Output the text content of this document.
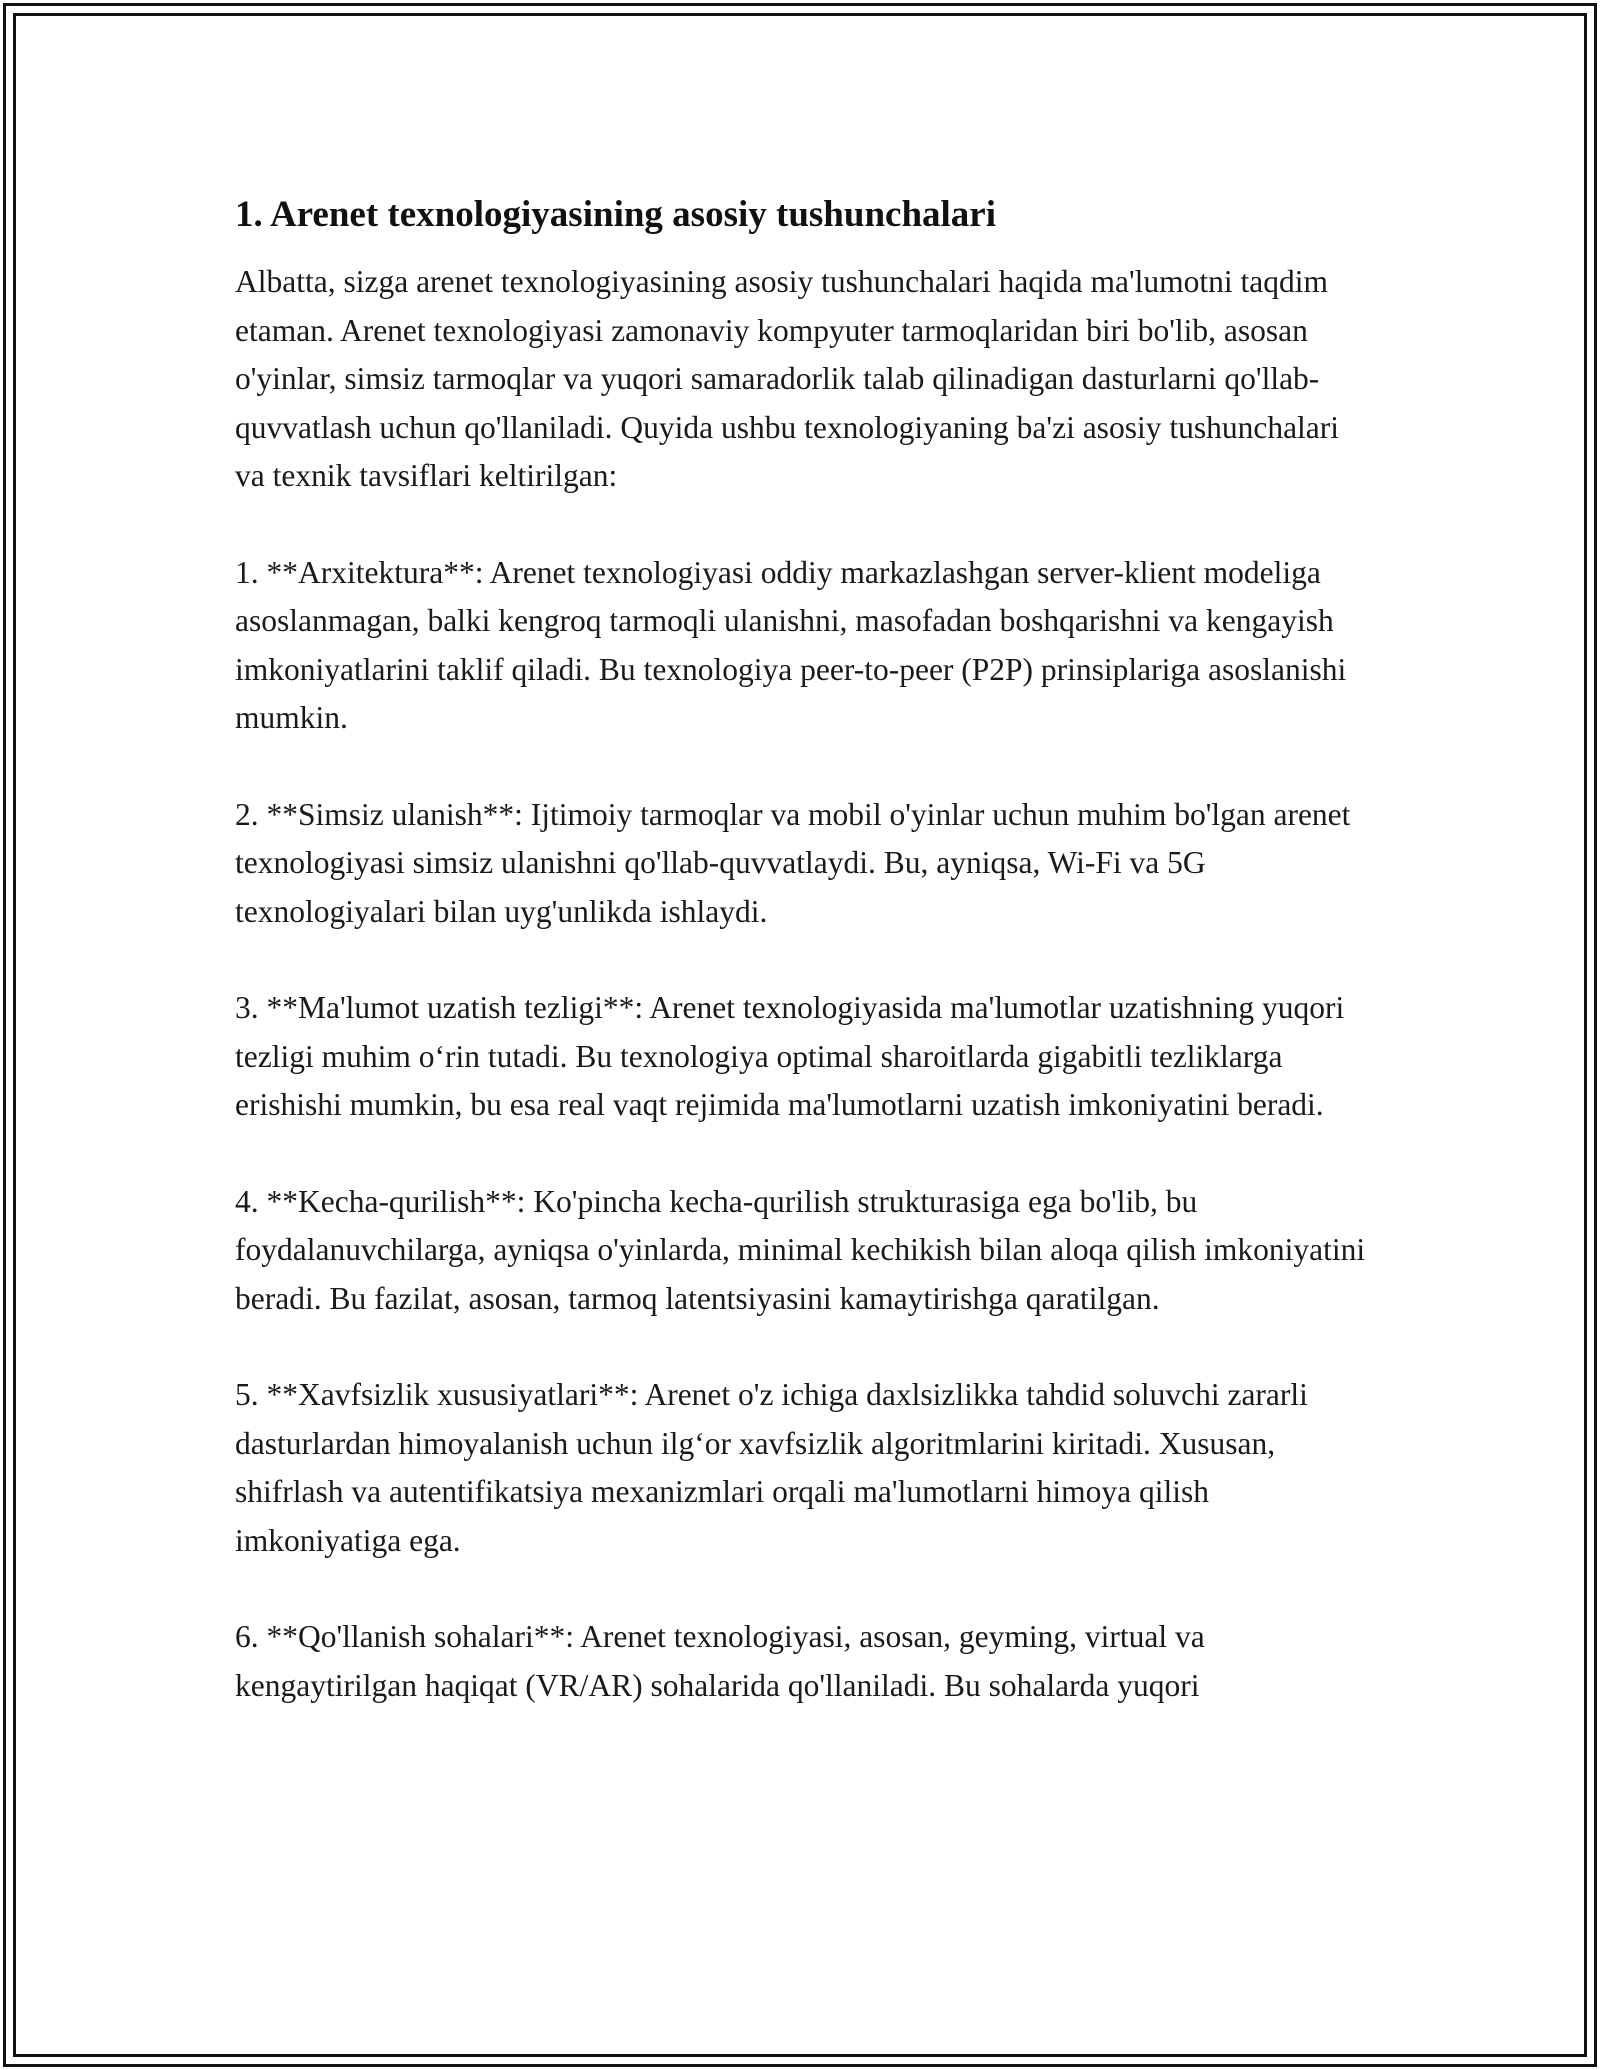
1. Arenet texnologiyasining asosiy tushunchalari

Albatta, sizga arenet texnologiyasining asosiy tushunchalari haqida ma'lumotni taqdim etaman. Arenet texnologiyasi zamonaviy kompyuter tarmoqlaridan biri bo'lib, asosan o'yinlar, simsiz tarmoqlar va yuqori samaradorlik talab qilinadigan dasturlarni qo'llab-quvvatlash uchun qo'llaniladi. Quyida ushbu texnologiyaning ba'zi asosiy tushunchalari va texnik tavsiflari keltirilgan:

1. **Arxitektura**: Arenet texnologiyasi oddiy markazlashgan server-klient modeliga asoslanmagan, balki kengroq tarmoqli ulanishni, masofadan boshqarishni va kengayish imkoniyatlarini taklif qiladi. Bu texnologiya peer-to-peer (P2P) prinsiplariga asoslanishi mumkin.

2. **Simsiz ulanish**: Ijtimoiy tarmoqlar va mobil o'yinlar uchun muhim bo'lgan arenet texnologiyasi simsiz ulanishni qo'llab-quvvatlaydi. Bu, ayniqsa, Wi-Fi va 5G texnologiyalari bilan uyg'unlikda ishlaydi.

3. **Ma'lumot uzatish tezligi**: Arenet texnologiyasida ma'lumotlar uzatishning yuqori tezligi muhim o‘rin tutadi. Bu texnologiya optimal sharoitlarda gigabitli tezliklarga erishishi mumkin, bu esa real vaqt rejimida ma'lumotlarni uzatish imkoniyatini beradi.

4. **Kecha-qurilish**: Ko'pincha kecha-qurilish strukturasiga ega bo'lib, bu foydalanuvchilarga, ayniqsa o'yinlarda, minimal kechikish bilan aloqa qilish imkoniyatini beradi. Bu fazilat, asosan, tarmoq latentsiyasini kamaytirishga qaratilgan.

5. **Xavfsizlik xususiyatlari**: Arenet o'z ichiga daxlsizlikka tahdid soluvchi zararli dasturlardan himoyalanish uchun ilg‘or xavfsizlik algoritmlarini kiritadi. Xususan, shifrlash va autentifikatsiya mexanizmlari orqali ma'lumotlarni himoya qilish imkoniyatiga ega.

6. **Qo'llanish sohalari**: Arenet texnologiyasi, asosan, geyming, virtual va kengaytirilgan haqiqat (VR/AR) sohalarida qo'llaniladi. Bu sohalarda yuqori
